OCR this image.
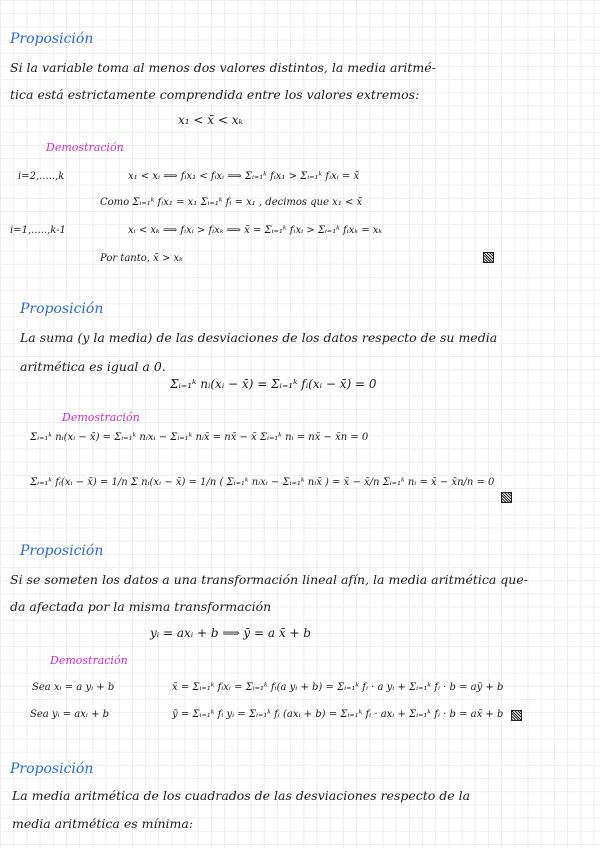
Proposición
Si la variable toma al menos dos valores distintos, la media aritmé-
tica está estrictamente comprendida entre los valores extremos:
x₁ < x̄ < xₖ
Demostración
i=2,.....,k	x₁ < xᵢ ⟹ fᵢx₁ < fᵢxᵢ ⟹ Σᵢ₌₁ᵏ fᵢx₁ > Σᵢ₌₁ᵏ fᵢxᵢ = x̄
Como Σᵢ₌₁ᵏ fᵢx₁ = x₁ Σᵢ₌₁ᵏ fᵢ = x₁ , decimos que x₁ < x̄
i=1,.....,k-1	xᵢ < xₖ ⟹ fᵢxᵢ > fᵢxₖ ⟹ x̄ = Σᵢ₌₁ᵏ fᵢxᵢ > Σᵢ₌₁ᵏ fᵢxₖ = xₖ
Por tanto, x̄ > xₖ
Proposición
La suma (y la media) de las desviaciones de los datos respecto de su media
aritmética es igual a 0.
Σᵢ₌₁ᵏ nᵢ(xᵢ − x̄) = Σᵢ₌₁ᵏ fᵢ(xᵢ − x̄) = 0
Demostración
Σᵢ₌₁ᵏ nᵢ(xᵢ − x̄) = Σᵢ₌₁ᵏ nᵢxᵢ − Σᵢ₌₁ᵏ nᵢx̄ = nx̄ − x̄ Σᵢ₌₁ᵏ nᵢ = nx̄ − x̄n = 0
Σᵢ₌₁ᵏ fᵢ(xᵢ − x̄) = 1/n Σ nᵢ(xᵢ − x̄) = 1/n ( Σᵢ₌₁ᵏ nᵢxᵢ − Σᵢ₌₁ᵏ nᵢx̄ ) = x̄ − x̄/n Σᵢ₌₁ᵏ nᵢ = x̄ − x̄n/n = 0
Proposición
Si se someten los datos a una transformación lineal afín, la media aritmética que-
da afectada por la misma transformación
yᵢ = axᵢ + b ⟹ ȳ = a x̄ + b
Demostración
Sea xᵢ = a yᵢ + b	x̄ = Σᵢ₌₁ᵏ fᵢxᵢ = Σᵢ₌₁ᵏ fᵢ(a yᵢ + b) = Σᵢ₌₁ᵏ fᵢ · a yᵢ + Σᵢ₌₁ᵏ fᵢ · b = aȳ + b
Sea yᵢ = axᵢ + b	ȳ = Σᵢ₌₁ᵏ fᵢ yᵢ = Σᵢ₌₁ᵏ fᵢ (axᵢ + b) = Σᵢ₌₁ᵏ fᵢ · axᵢ + Σᵢ₌₁ᵏ fᵢ · b = ax̄ + b
Proposición
La media aritmética de los cuadrados de las desviaciones respecto de la
media aritmética es mínima:
